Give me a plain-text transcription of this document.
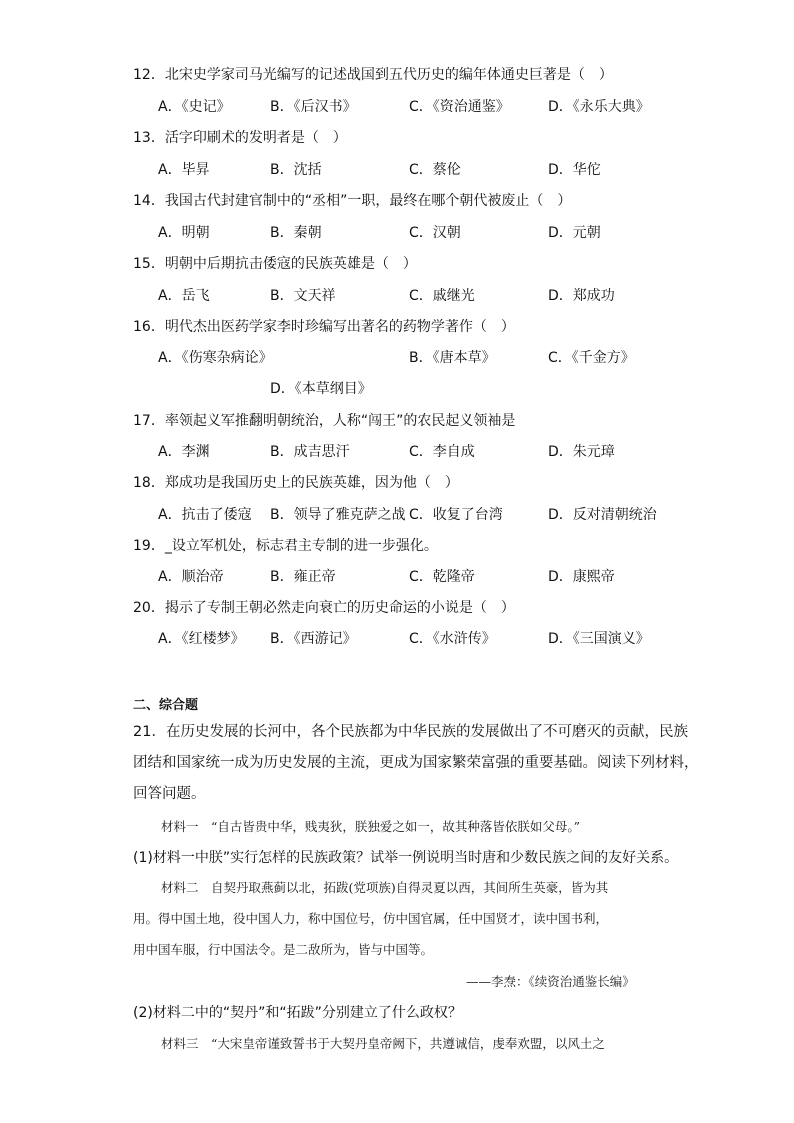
12．北宋史学家司马光编写的记述战国到五代历史的编年体通史巨著是（　）
A．《史记》	B．《后汉书》	C．《资治通鉴》	D．《永乐大典》
13．活字印刷术的发明者是（　）
A．毕昇	B．沈括	C．蔡伦	D．华佗
14．我国古代封建官制中的“丞相”一职，最终在哪个朝代被废止（　）
A．明朝	B．秦朝	C．汉朝	D．元朝
15．明朝中后期抗击倭寇的民族英雄是（　）
A．岳飞	B．文天祥	C．戚继光	D．郑成功
16．明代杰出医药学家李时珍编写出著名的药物学著作（　）
A．《伤寒杂病论》	B．《唐本草》	C．《千金方》
D．《本草纲目》
17．率领起义军推翻明朝统治，人称“闯王”的农民起义领袖是
A．李渊	B．成吉思汗	C．李自成	D．朱元璋
18．郑成功是我国历史上的民族英雄，因为他（　）
A．抗击了倭寇 B．领导了雅克萨之战 C．收复了台湾	D．反对清朝统治
19．_设立军机处，标志君主专制的进一步强化。
A．顺治帝	B．雍正帝	C．乾隆帝	D．康熙帝
20．揭示了专制王朝必然走向衰亡的历史命运的小说是（　）
A．《红楼梦》 B．《西游记》	C．《水浒传》	D．《三国演义》
二、综合题
21．在历史发展的长河中，各个民族都为中华民族的发展做出了不可磨灭的贡献，民族
团结和国家统一成为历史发展的主流，更成为国家繁荣富强的重要基础。阅读下列材料，
回答问题。
材料一　“自古皆贵中华，贱夷狄，朕独爱之如一，故其种落皆依朕如父母。”
(1)材料一中朕”实行怎样的民族政策？试举一例说明当时唐和少数民族之间的友好关系。
材料二　自契丹取燕蓟以北，拓跋(党项族)自得灵夏以西，其间所生英豪，皆为其
用。得中国土地，役中国人力，称中国位号，仿中国官属，任中国贤才，读中国书利，
用中国车服，行中国法令。是二敌所为，皆与中国等。
——李焘：《续资治通鉴长编》
(2)材料二中的“契丹”和“拓跋”分别建立了什么政权？
材料三　“大宋皇帝谨致誓书于大契丹皇帝阙下，共遵诚信，虔奉欢盟，以风土之
